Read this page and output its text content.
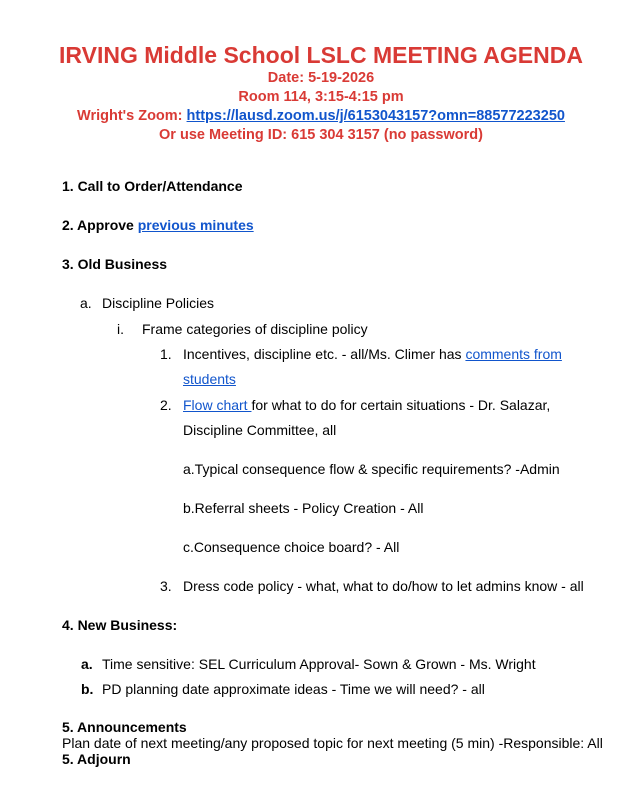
IRVING Middle School LSLC MEETING AGENDA
Date: 5-19-2026
Room 114, 3:15-4:15 pm
Wright's Zoom: https://lausd.zoom.us/j/6153043157?omn=88577223250
Or use Meeting ID: 615 304 3157 (no password)
1. Call to Order/Attendance
2. Approve previous minutes
3. Old Business
a. Discipline Policies
i. Frame categories of discipline policy
1. Incentives, discipline etc. - all/Ms. Climer has comments from
students
2. Flow chart for what to do for certain situations - Dr. Salazar,
Discipline Committee, all
a.Typical consequence flow & specific requirements? -Admin
b.Referral sheets - Policy Creation - All
c.Consequence choice board? - All
3. Dress code policy - what, what to do/how to let admins know - all
4. New Business:
a. Time sensitive: SEL Curriculum Approval- Sown & Grown - Ms. Wright
b. PD planning date approximate ideas - Time we will need? - all
5. Announcements
Plan date of next meeting/any proposed topic for next meeting (5 min) -Responsible: All
5. Adjourn
